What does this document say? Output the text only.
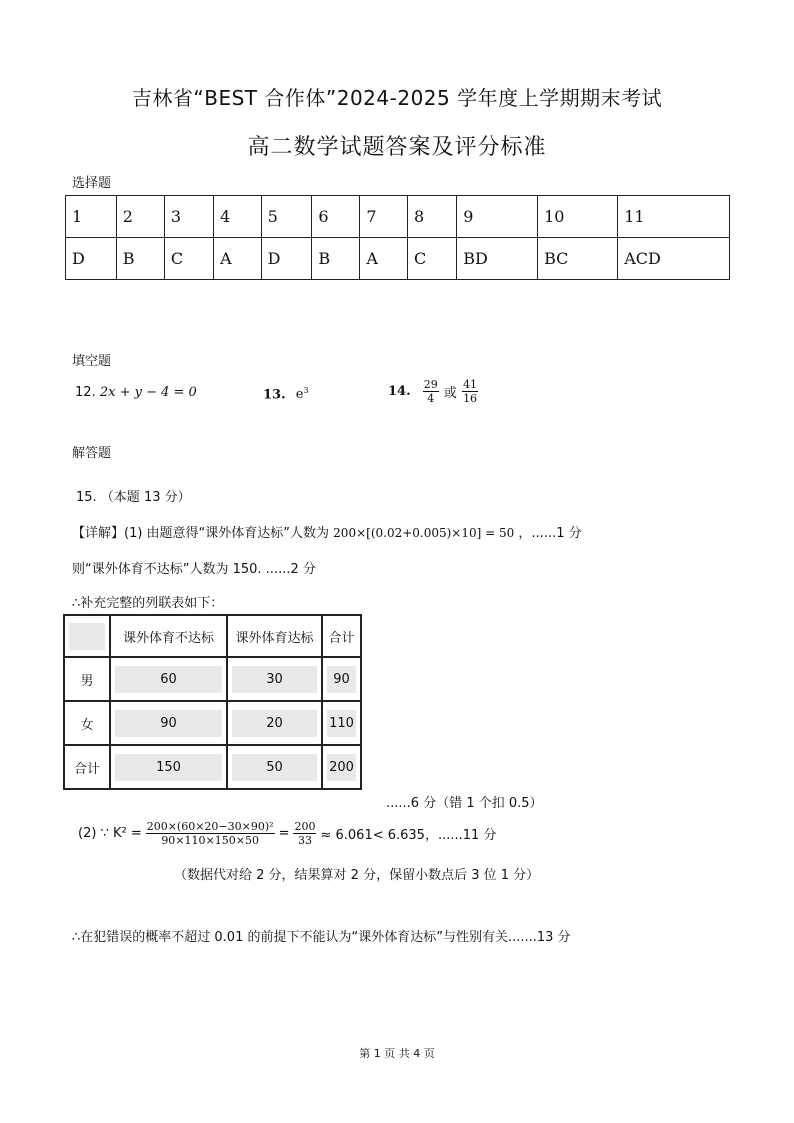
吉林省“BEST 合作体”2024-2025 学年度上学期期末考试
高二数学试题答案及评分标准
选择题
1	2	3	4	5	6	7	8	9	10	11
D	B	C	A	D	B	A	C	BD	BC	ACD
填空题
12. 2x + y − 4 = 0	13. $e^3$	14. $\frac{29}{4}$ 或 $\frac{41}{16}$
解答题
15. （本题 13 分）
【详解】(1) 由题意得“课外体育达标”人数为 200×[(0.02+0.005)×10] = 50 ，......1 分
则“课外体育不达标”人数为 150. ......2 分
∴补充完整的列联表如下：

	课外体育不达标	课外体育达标	合计

男	60	30	90

女	90	20	110

合计	150	50	200
......6 分（错 1 个扣 0.5）
(2) ∵ $K^2 = \frac{\text{200×(60×20−30×90)²}}{90\times 110\times 150\times 50} = \frac{200}{33} \approx 6.061< 6.635$，......11 分
（数据代对给 2 分，结果算对 2 分，保留小数点后 3 位 1 分）
∴在犯错误的概率不超过 0.01 的前提下不能认为“课外体育达标”与性别有关.......13 分
第 1 页 共 4 页
